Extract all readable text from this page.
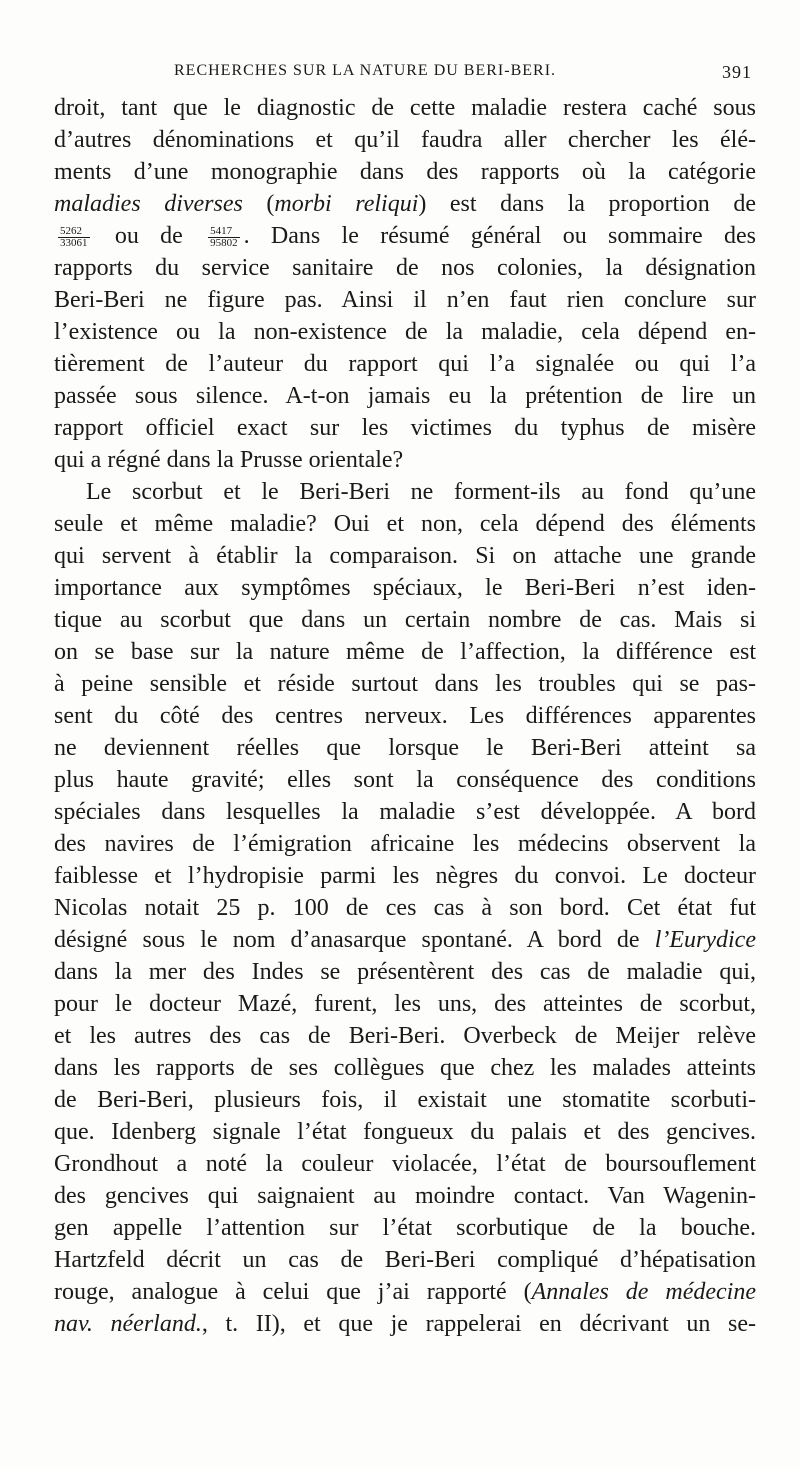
RECHERCHES SUR LA NATURE DU BERI-BERI.	391
droit, tant que le diagnostic de cette maladie restera caché sous
d’autres dénominations et qu’il faudra aller chercher les élé-
ments d’une monographie dans des rapports où la catégorie
maladies diverses (morbi reliqui) est dans la proportion de
$\frac{5262}{33061}$ ou de $\frac{5417}{95802}$ . Dans le résumé général ou sommaire des
rapports du service sanitaire de nos colonies, la désignation
Beri-Beri ne figure pas. Ainsi il n’en faut rien conclure sur
l’existence ou la non-existence de la maladie, cela dépend en-
tièrement de l’auteur du rapport qui l’a signalée ou qui l’a
passée sous silence. A-t-on jamais eu la prétention de lire un
rapport officiel exact sur les victimes du typhus de misère
qui a régné dans la Prusse orientale?
Le scorbut et le Beri-Beri ne forment-ils au fond qu’une
seule et même maladie? Oui et non, cela dépend des éléments
qui servent à établir la comparaison. Si on attache une grande
importance aux symptômes spéciaux, le Beri-Beri n’est iden-
tique au scorbut que dans un certain nombre de cas. Mais si
on se base sur la nature même de l’affection, la différence est
à peine sensible et réside surtout dans les troubles qui se pas-
sent du côté des centres nerveux. Les différences apparentes
ne deviennent réelles que lorsque le Beri-Beri atteint sa
plus haute gravité; elles sont la conséquence des conditions
spéciales dans lesquelles la maladie s’est développée. A bord
des navires de l’émigration africaine les médecins observent la
faiblesse et l’hydropisie parmi les nègres du convoi. Le docteur
Nicolas notait 25 p. 100 de ces cas à son bord. Cet état fut
désigné sous le nom d’anasarque spontané. A bord de l’Eurydice
dans la mer des Indes se présentèrent des cas de maladie qui,
pour le docteur Mazé, furent, les uns, des atteintes de scorbut,
et les autres des cas de Beri-Beri. Overbeck de Meijer relève
dans les rapports de ses collègues que chez les malades atteints
de Beri-Beri, plusieurs fois, il existait une stomatite scorbuti-
que. Idenberg signale l’état fongueux du palais et des gencives.
Grondhout a noté la couleur violacée, l’état de boursouflement
des gencives qui saignaient au moindre contact. Van Wagenin-
gen appelle l’attention sur l’état scorbutique de la bouche.
Hartzfeld décrit un cas de Beri-Beri compliqué d’hépatisation
rouge, analogue à celui que j’ai rapporté (Annales de médecine
nav. néerland., t. II), et que je rappelerai en décrivant un se-
